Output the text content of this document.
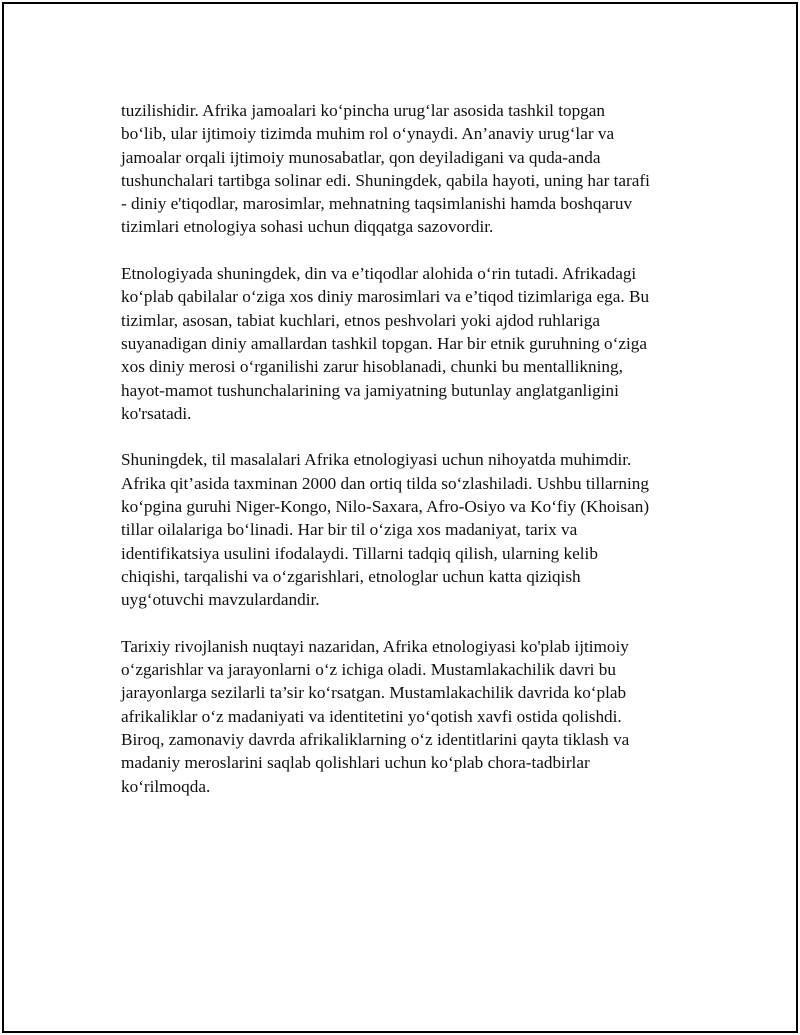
tuzilishidir. Afrika jamoalari ko‘pincha urug‘lar asosida tashkil topgan
bo‘lib, ular ijtimoiy tizimda muhim rol o‘ynaydi. An’anaviy urug‘lar va
jamoalar orqali ijtimoiy munosabatlar, qon deyiladigani va quda-anda
tushunchalari tartibga solinar edi. Shuningdek, qabila hayoti, uning har tarafi
- diniy e'tiqodlar, marosimlar, mehnatning taqsimlanishi hamda boshqaruv
tizimlari etnologiya sohasi uchun diqqatga sazovordir.

Etnologiyada shuningdek, din va e’tiqodlar alohida o‘rin tutadi. Afrikadagi
ko‘plab qabilalar o‘ziga xos diniy marosimlari va e’tiqod tizimlariga ega. Bu
tizimlar, asosan, tabiat kuchlari, etnos peshvolari yoki ajdod ruhlariga
suyanadigan diniy amallardan tashkil topgan. Har bir etnik guruhning o‘ziga
xos diniy merosi o‘rganilishi zarur hisoblanadi, chunki bu mentallikning,
hayot-mamot tushunchalarining va jamiyatning butunlay anglatganligini
ko'rsatadi.

Shuningdek, til masalalari Afrika etnologiyasi uchun nihoyatda muhimdir.
Afrika qit’asida taxminan 2000 dan ortiq tilda so‘zlashiladi. Ushbu tillarning
ko‘pgina guruhi Niger-Kongo, Nilo-Saxara, Afro-Osiyo va Ko‘fiy (Khoisan)
tillar oilalariga bo‘linadi. Har bir til o‘ziga xos madaniyat, tarix va
identifikatsiya usulini ifodalaydi. Tillarni tadqiq qilish, ularning kelib
chiqishi, tarqalishi va o‘zgarishlari, etnologlar uchun katta qiziqish
uyg‘otuvchi mavzulardandir.

Tarixiy rivojlanish nuqtayi nazaridan, Afrika etnologiyasi ko'plab ijtimoiy
o‘zgarishlar va jarayonlarni o‘z ichiga oladi. Mustamlakachilik davri bu
jarayonlarga sezilarli ta’sir ko‘rsatgan. Mustamlakachilik davrida ko‘plab
afrikaliklar o‘z madaniyati va identitetini yo‘qotish xavfi ostida qolishdi.
Biroq, zamonaviy davrda afrikaliklarning o‘z identitlarini qayta tiklash va
madaniy meroslarini saqlab qolishlari uchun ko‘plab chora-tadbirlar
ko‘rilmoqda.
